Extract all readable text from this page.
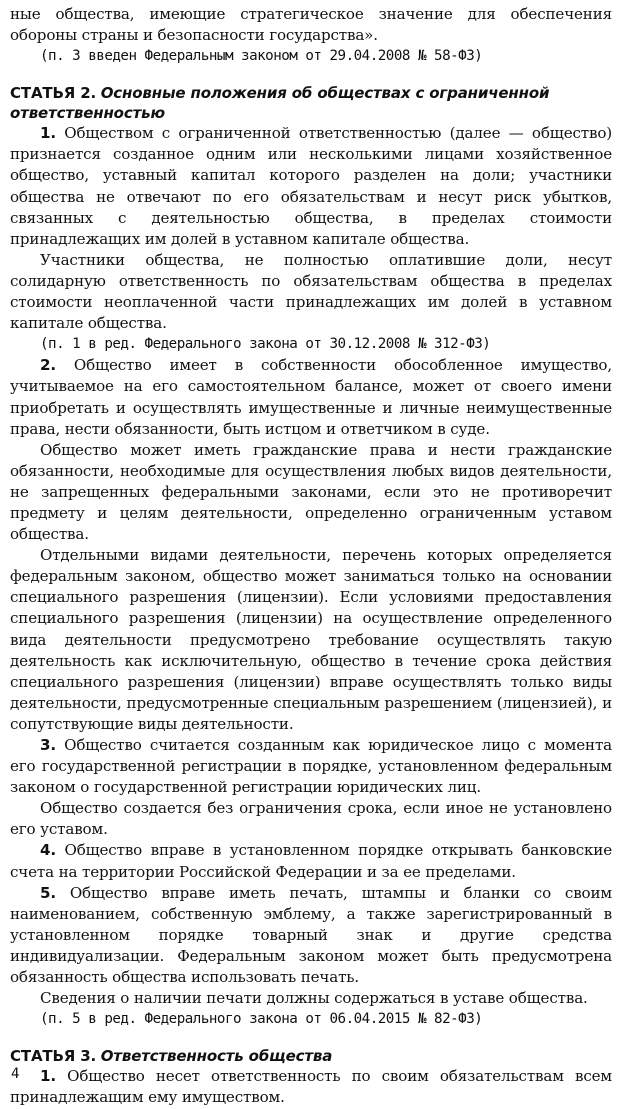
ные общества, имеющие стратегическое значение для обеспечения обороны страны и безопасности государства».

(п. 3 введен Федеральным законом от 29.04.2008 № 58-ФЗ)

СТАТЬЯ 2. Основные положения об обществах с ограниченной ответственностью

1. Обществом с ограниченной ответственностью (далее — общество) признается созданное одним или несколькими лицами хозяйственное общество, уставный капитал которого разделен на доли; участники общества не отвечают по его обязательствам и несут риск убытков, связанных с деятельностью общества, в пределах стоимости принадлежащих им долей в уставном капитале общества.

Участники общества, не полностью оплатившие доли, несут солидарную ответственность по обязательствам общества в пределах стоимости неоплаченной части принадлежащих им долей в уставном капитале общества.

(п. 1 в ред. Федерального закона от 30.12.2008 № 312-ФЗ)

2. Общество имеет в собственности обособленное имущество, учитываемое на его самостоятельном балансе, может от своего имени приобретать и осуществлять имущественные и личные неимущественные права, нести обязанности, быть истцом и ответчиком в суде.

Общество может иметь гражданские права и нести гражданские обязанности, необходимые для осуществления любых видов деятельности, не запрещенных федеральными законами, если это не противоречит предмету и целям деятельности, определенно ограниченным уставом общества.

Отдельными видами деятельности, перечень которых определяется федеральным законом, общество может заниматься только на основании специального разрешения (лицензии). Если условиями предоставления специального разрешения (лицензии) на осуществление определенного вида деятельности предусмотрено требование осуществлять такую деятельность как исключительную, общество в течение срока действия специального разрешения (лицензии) вправе осуществлять только виды деятельности, предусмотренные специальным разрешением (лицензией), и сопутствующие виды деятельности.

3. Общество считается созданным как юридическое лицо с момента его государственной регистрации в порядке, установленном федеральным законом о государственной регистрации юридических лиц.

Общество создается без ограничения срока, если иное не установлено его уставом.

4. Общество вправе в установленном порядке открывать банковские счета на территории Российской Федерации и за ее пределами.

5. Общество вправе иметь печать, штампы и бланки со своим наименованием, собственную эмблему, а также зарегистрированный в установленном порядке товарный знак и другие средства индивидуализации. Федеральным законом может быть предусмотрена обязанность общества использовать печать.

Сведения о наличии печати должны содержаться в уставе общества.

(п. 5 в ред. Федерального закона от 06.04.2015 № 82-ФЗ)

СТАТЬЯ 3. Ответственность общества

1. Общество несет ответственность по своим обязательствам всем принадлежащим ему имуществом.

4
